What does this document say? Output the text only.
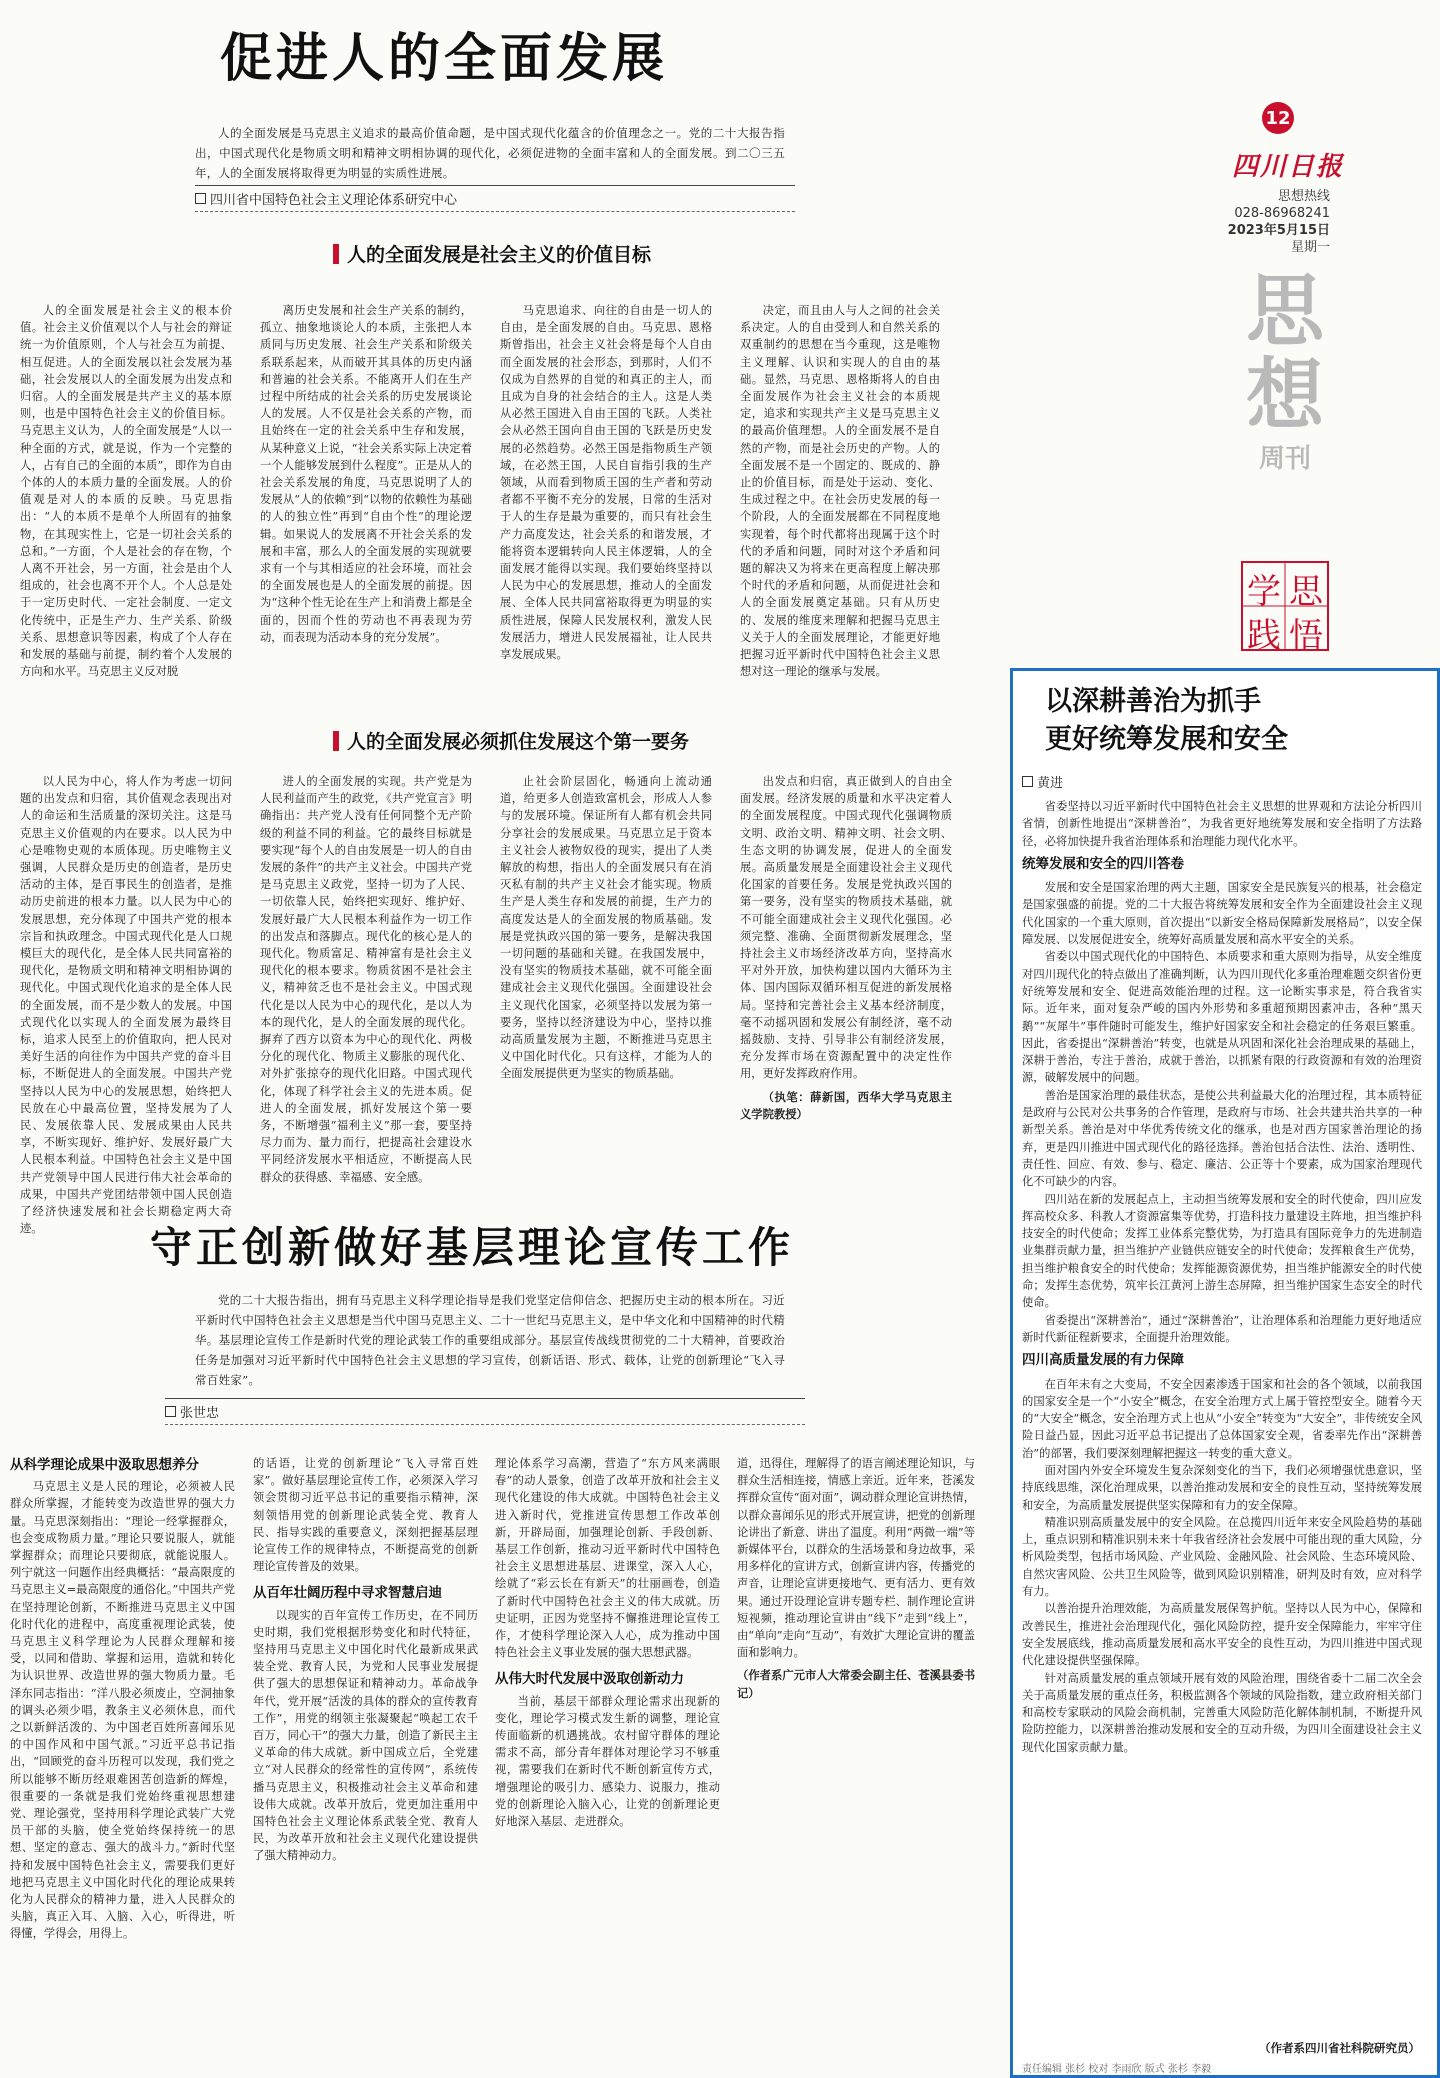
促进人的全面发展
人的全面发展是马克思主义追求的最高价值命题，是中国式现代化蕴含的价值理念之一。党的二十大报告指出，中国式现代化是物质文明和精神文明相协调的现代化，必须促进物的全面丰富和人的全面发展。到二〇三五年，人的全面发展将取得更为明显的实质性进展。
四川省中国特色社会主义理论体系研究中心
人的全面发展是社会主义的价值目标

人的全面发展是社会主义的根本价值。社会主义价值观以个人与社会的辩证统一为价值原则，个人与社会互为前提、相互促进。人的全面发展以社会发展为基础，社会发展以人的全面发展为出发点和归宿。人的全面发展是共产主义的基本原则，也是中国特色社会主义的价值目标。马克思主义认为，人的全面发展是“人以一种全面的方式，就是说，作为一个完整的人，占有自己的全面的本质”，即作为自由个体的人的本质力量的全面发展。人的价值观是对人的本质的反映。马克思指出：“人的本质不是单个人所固有的抽象物，在其现实性上，它是一切社会关系的总和。”一方面，个人是社会的存在物，个人离不开社会，另一方面，社会是由个人组成的，社会也离不开个人。个人总是处于一定历史时代、一定社会制度、一定文化传统中，正是生产力、生产关系、阶级关系、思想意识等因素，构成了个人存在和发展的基础与前提，制约着个人发展的方向和水平。马克思主义反对脱

离历史发展和社会生产关系的制约，孤立、抽象地谈论人的本质，主张把人本质同与历史发展、社会生产关系和阶级关系联系起来，从而破开其具体的历史内涵和普遍的社会关系。不能离开人们在生产过程中所结成的社会关系的历史发展谈论人的发展。人不仅是社会关系的产物，而且始终在一定的社会关系中生存和发展，从某种意义上说，“社会关系实际上决定着一个人能够发展到什么程度”。正是从人的社会关系发展的角度，马克思说明了人的发展从“人的依赖”到“以物的依赖性为基础的人的独立性”再到“自由个性”的理论逻辑。如果说人的发展离不开社会关系的发展和丰富，那么人的全面发展的实现就要求有一个与其相适应的社会环境，而社会的全面发展也是人的全面发展的前提。因为“这种个性无论在生产上和消费上都是全面的，因而个性的劳动也不再表现为劳动，而表现为活动本身的充分发展”。

马克思追求、向往的自由是一切人的自由，是全面发展的自由。马克思、恩格斯曾指出，社会主义社会将是每个人自由而全面发展的社会形态，到那时，人们不仅成为自然界的自觉的和真正的主人，而且成为自身的社会结合的主人。这是人类从必然王国进入自由王国的飞跃。人类社会从必然王国向自由王国的飞跃是历史发展的必然趋势。必然王国是指物质生产领域，在必然王国，人民自盲指引我的生产领域，从而看到物质王国的生产者和劳动者都不平衡不充分的发展，日常的生活对于人的生存是最为重要的，而只有社会生产力高度发达，社会关系的和谐发展，才能将资本逻辑转向人民主体逻辑，人的全面发展才能得以实现。我们要始终坚持以人民为中心的发展思想，推动人的全面发展、全体人民共同富裕取得更为明显的实质性进展，保障人民发展权利，激发人民发展活力，增进人民发展福祉，让人民共享发展成果。

决定，而且由人与人之间的社会关系决定。人的自由受到人和自然关系的双重制约的思想在当今重现，这是唯物主义理解、认识和实现人的自由的基础。显然，马克思、恩格斯将人的自由全面发展作为社会主义社会的本质规定，追求和实现共产主义是马克思主义的最高价值理想。人的全面发展不是自然的产物，而是社会历史的产物。人的全面发展不是一个固定的、既成的、静止的价值目标，而是处于运动、变化、生成过程之中。在社会历史发展的每一个阶段，人的全面发展都在不同程度地实现着，每个时代都将出现属于这个时代的矛盾和问题，同时对这个矛盾和问题的解决又为将来在更高程度上解决那个时代的矛盾和问题，从而促进社会和人的全面发展奠定基础。只有从历史的、发展的维度来理解和把握马克思主义关于人的全面发展理论，才能更好地把握习近平新时代中国特色社会主义思想对这一理论的继承与发展。

人的全面发展必须抓住发展这个第一要务

以人民为中心，将人作为考虑一切问题的出发点和归宿，其价值观念表现出对人的命运和生活质量的深切关注。这是马克思主义价值观的内在要求。以人民为中心是唯物史观的本质体现。历史唯物主义强调，人民群众是历史的创造者，是历史活动的主体，是百事民生的创造者，是推动历史前进的根本力量。以人民为中心的发展思想，充分体现了中国共产党的根本宗旨和执政理念。中国式现代化是人口规模巨大的现代化，是全体人民共同富裕的现代化，是物质文明和精神文明相协调的现代化。中国式现代化追求的是全体人民的全面发展，而不是少数人的发展。中国式现代化以实现人的全面发展为最终目标，追求人民至上的价值取向，把人民对美好生活的向往作为中国共产党的奋斗目标，不断促进人的全面发展。中国共产党坚持以人民为中心的发展思想，始终把人民放在心中最高位置，坚持发展为了人民、发展依靠人民、发展成果由人民共享，不断实现好、维护好、发展好最广大人民根本利益。中国特色社会主义是中国共产党领导中国人民进行伟大社会革命的成果，中国共产党团结带领中国人民创造了经济快速发展和社会长期稳定两大奇迹。

进人的全面发展的实现。共产党是为人民利益而产生的政党，《共产党宣言》明确指出：共产党人没有任何同整个无产阶级的利益不同的利益。它的最终目标就是要实现“每个人的自由发展是一切人的自由发展的条件”的共产主义社会。中国共产党是马克思主义政党，坚持一切为了人民、一切依靠人民，始终把实现好、维护好、发展好最广大人民根本利益作为一切工作的出发点和落脚点。现代化的核心是人的现代化。物质富足、精神富有是社会主义现代化的根本要求。物质贫困不是社会主义，精神贫乏也不是社会主义。中国式现代化是以人民为中心的现代化，是以人为本的现代化，是人的全面发展的现代化。摒弃了西方以资本为中心的现代化、两极分化的现代化、物质主义膨胀的现代化、对外扩张掠夺的现代化旧路。中国式现代化，体现了科学社会主义的先进本质。促进人的全面发展，抓好发展这个第一要务，不断增强“福利主义”那一套，要坚持尽力而为、量力而行，把提高社会建设水平同经济发展水平相适应，不断提高人民群众的获得感、幸福感、安全感。

止社会阶层固化，畅通向上流动通道，给更多人创造致富机会，形成人人参与的发展环境。保证所有人都有机会共同分享社会的发展成果。马克思立足于资本主义社会人被物奴役的现实，提出了人类解放的构想，指出人的全面发展只有在消灭私有制的共产主义社会才能实现。物质生产是人类生存和发展的前提，生产力的高度发达是人的全面发展的物质基础。发展是党执政兴国的第一要务，是解决我国一切问题的基础和关键。在我国发展中，没有坚实的物质技术基础，就不可能全面建成社会主义现代化强国。全面建设社会主义现代化国家，必须坚持以发展为第一要务，坚持以经济建设为中心，坚持以推动高质量发展为主题，不断推进马克思主义中国化时代化。只有这样，才能为人的全面发展提供更为坚实的物质基础。

出发点和归宿，真正做到人的自由全面发展。经济发展的质量和水平决定着人的全面发展程度。中国式现代化强调物质文明、政治文明、精神文明、社会文明、生态文明的协调发展，促进人的全面发展。高质量发展是全面建设社会主义现代化国家的首要任务。发展是党执政兴国的第一要务，没有坚实的物质技术基础，就不可能全面建成社会主义现代化强国。必须完整、准确、全面贯彻新发展理念，坚持社会主义市场经济改革方向，坚持高水平对外开放，加快构建以国内大循环为主体、国内国际双循环相互促进的新发展格局。坚持和完善社会主义基本经济制度，毫不动摇巩固和发展公有制经济，毫不动摇鼓励、支持、引导非公有制经济发展，充分发挥市场在资源配置中的决定性作用，更好发挥政府作用。

（执笔：薛新国，西华大学马克思主义学院教授）

12
四川日报
思想热线
028-86968241
2023年5月15日
星期一
思
想
周刊
学 思
践 悟
以深耕善治为抓手
更好统筹发展和安全
黄进

省委坚持以习近平新时代中国特色社会主义思想的世界观和方法论分析四川省情，创新性地提出“深耕善治”，为我省更好地统筹发展和安全指明了方法路径，必将加快提升我省治理体系和治理能力现代化水平。

统筹发展和安全的四川答卷

发展和安全是国家治理的两大主题，国家安全是民族复兴的根基，社会稳定是国家强盛的前提。党的二十大报告将统筹发展和安全作为全面建设社会主义现代化国家的一个重大原则，首次提出“以新安全格局保障新发展格局”，以安全保障发展、以发展促进安全，统筹好高质量发展和高水平安全的关系。

省委以中国式现代化的中国特色、本质要求和重大原则为指导，从安全维度对四川现代化的特点做出了准确判断，认为四川现代化多重治理难题交织省份更好统筹发展和安全、促进高效能治理的过程。这一论断实事求是，符合我省实际。近年来，面对复杂严峻的国内外形势和多重超预期因素冲击，各种“黑天鹅”“灰犀牛”事件随时可能发生，维护好国家安全和社会稳定的任务艰巨繁重。因此，省委提出“深耕善治”转变，也就是从巩固和深化社会治理成果的基础上，深耕于善治，专注于善治，成就于善治，以抓紧有限的行政资源和有效的治理资源，破解发展中的问题。

善治是国家治理的最佳状态，是使公共利益最大化的治理过程，其本质特征是政府与公民对公共事务的合作管理，是政府与市场、社会共建共治共享的一种新型关系。善治是对中华优秀传统文化的继承，也是对西方国家善治理论的扬弃，更是四川推进中国式现代化的路径选择。善治包括合法性、法治、透明性、责任性、回应、有效、参与、稳定、廉洁、公正等十个要素，成为国家治理现代化不可缺少的内容。

四川站在新的发展起点上，主动担当统筹发展和安全的时代使命，四川应发挥高校众多、科教人才资源富集等优势，打造科技力量建设主阵地，担当维护科技安全的时代使命；发挥工业体系完整优势，为打造具有国际竞争力的先进制造业集群贡献力量，担当维护产业链供应链安全的时代使命；发挥粮食生产优势，担当维护粮食安全的时代使命；发挥能源资源优势，担当维护能源安全的时代使命；发挥生态优势，筑牢长江黄河上游生态屏障，担当维护国家生态安全的时代使命。

省委提出“深耕善治”，通过“深耕善治”，让治理体系和治理能力更好地适应新时代新征程新要求，全面提升治理效能。

四川高质量发展的有力保障

在百年未有之大变局，不安全因素渗透于国家和社会的各个领域，以前我国的国家安全是一个“小安全”概念，在安全治理方式上属于管控型安全。随着今天的“大安全”概念，安全治理方式上也从“小安全”转变为“大安全”，非传统安全风险日益凸显，因此习近平总书记提出了总体国家安全观，省委率先作出“深耕善治”的部署，我们要深刻理解把握这一转变的重大意义。

面对国内外安全环境发生复杂深刻变化的当下，我们必须增强忧患意识，坚持底线思维，深化治理成果，以善治推动发展和安全的良性互动，坚持统筹发展和安全，为高质量发展提供坚实保障和有力的安全保障。

精准识别高质量发展中的安全风险。在总揽四川近年来安全风险趋势的基础上，重点识别和精准识别未来十年我省经济社会发展中可能出现的重大风险，分析风险类型，包括市场风险、产业风险、金融风险、社会风险、生态环境风险、自然灾害风险、公共卫生风险等，做到风险识别精准，研判及时有效，应对科学有力。

以善治提升治理效能，为高质量发展保驾护航。坚持以人民为中心，保障和改善民生，推进社会治理现代化，强化风险防控，提升安全保障能力，牢牢守住安全发展底线，推动高质量发展和高水平安全的良性互动，为四川推进中国式现代化建设提供坚强保障。

针对高质量发展的重点领域开展有效的风险治理，围绕省委十二届二次全会关于高质量发展的重点任务，积极监测各个领域的风险指数，建立政府相关部门和高校专家联动的风险会商机制，完善重大风险防范化解体制机制，不断提升风险防控能力，以深耕善治推动发展和安全的互动升级，为四川全面建设社会主义现代化国家贡献力量。

（作者系四川省社科院研究员）
责任编辑 张杉 校对 李雨欣 版式 张杉 李毅
守正创新做好基层理论宣传工作
党的二十大报告指出，拥有马克思主义科学理论指导是我们党坚定信仰信念、把握历史主动的根本所在。习近平新时代中国特色社会主义思想是当代中国马克思主义、二十一世纪马克思主义，是中华文化和中国精神的时代精华。基层理论宣传工作是新时代党的理论武装工作的重要组成部分。基层宣传战线贯彻党的二十大精神，首要政治任务是加强对习近平新时代中国特色社会主义思想的学习宣传，创新话语、形式、载体，让党的创新理论“飞入寻常百姓家”。
张世忠
从科学理论成果中汲取思想养分

马克思主义是人民的理论，必须被人民群众所掌握，才能转变为改造世界的强大力量。马克思深刻指出：“理论一经掌握群众，也会变成物质力量。”理论只要说服人，就能掌握群众；而理论只要彻底，就能说服人。列宁就这一问题作出经典概括：“最高限度的马克思主义=最高限度的通俗化。”中国共产党在坚持理论创新，不断推进马克思主义中国化时代化的进程中，高度重视理论武装，使马克思主义科学理论为人民群众理解和接受，以同和借助、掌握和运用，造就和转化为认识世界、改造世界的强大物质力量。毛泽东同志指出：“洋八股必须废止，空洞抽象的调头必须少唱，教条主义必须休息，而代之以新鲜活泼的、为中国老百姓所喜闻乐见的中国作风和中国气派。”习近平总书记指出，“回顾党的奋斗历程可以发现，我们党之所以能够不断历经艰难困苦创造新的辉煌，很重要的一条就是我们党始终重视思想建党、理论强党，坚持用科学理论武装广大党员干部的头脑，使全党始终保持统一的思想、坚定的意志、强大的战斗力。”新时代坚持和发展中国特色社会主义，需要我们更好地把马克思主义中国化时代化的理论成果转化为人民群众的精神力量，进入人民群众的头脑，真正入耳、入脑、入心，听得进，听得懂，学得会，用得上。

的话语，让党的创新理论“飞入寻常百姓家”。做好基层理论宣传工作，必须深入学习领会贯彻习近平总书记的重要指示精神，深刻领悟用党的创新理论武装全党、教育人民、指导实践的重要意义，深刻把握基层理论宣传工作的规律特点，不断提高党的创新理论宣传普及的效果。

从百年壮阔历程中寻求智慧启迪

以现实的百年宣传工作历史，在不同历史时期，我们党根据形势变化和时代特征，坚持用马克思主义中国化时代化最新成果武装全党、教育人民，为党和人民事业发展提供了强大的思想保证和精神动力。革命战争年代，党开展“活泼的具体的群众的宣传教育工作”，用党的纲领主张凝聚起“唤起工农千百万，同心干”的强大力量，创造了新民主主义革命的伟大成就。新中国成立后，全党建立“对人民群众的经常性的宣传网”，系统传播马克思主义，积极推动社会主义革命和建设伟大成就。改革开放后，党更加注重用中国特色社会主义理论体系武装全党、教育人民，为改革开放和社会主义现代化建设提供了强大精神动力。

理论体系学习高潮，营造了“东方风来满眼春”的动人景象，创造了改革开放和社会主义现代化建设的伟大成就。中国特色社会主义进入新时代，党推进宣传思想工作改革创新，开辟局面，加强理论创新、手段创新、基层工作创新，推动习近平新时代中国特色社会主义思想进基层、进课堂，深入人心，绘就了“彩云长在有新天”的壮丽画卷，创造了新时代中国特色社会主义的伟大成就。历史证明，正因为党坚持不懈推进理论宣传工作，才使科学理论深入人心，成为推动中国特色社会主义事业发展的强大思想武器。

从伟大时代发展中汲取创新动力

当前，基层干部群众理论需求出现新的变化，理论学习模式发生新的调整，理论宣传面临新的机遇挑战。农村留守群体的理论需求不高，部分青年群体对理论学习不够重视，需要我们在新时代不断创新宣传方式，增强理论的吸引力、感染力、说服力，推动党的创新理论入脑入心，让党的创新理论更好地深入基层、走进群众。

道，迅得住，理解得了的语言阐述理论知识，与群众生活相连接，情感上亲近。近年来，苍溪发挥群众宣传“面对面”，调动群众理论宣讲热情，以群众喜闻乐见的形式开展宣讲，把党的创新理论讲出了新意、讲出了温度。利用“两微一端”等新媒体平台，以群众的生活场景和身边故事，采用多样化的宣讲方式，创新宣讲内容，传播党的声音，让理论宣讲更接地气、更有活力、更有效果。通过开设理论宣讲专题专栏、制作理论宣讲短视频，推动理论宣讲由“线下”走到“线上”，由“单向”走向“互动”，有效扩大理论宣讲的覆盖面和影响力。

（作者系广元市人大常委会副主任、苍溪县委书记）
